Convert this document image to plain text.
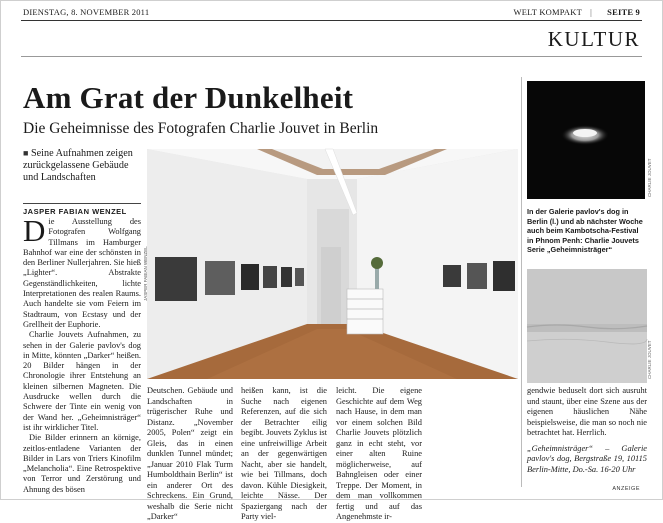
DIENSTAG, 8. NOVEMBER 2011	WELT KOMPAKT | SEITE 9
KULTUR
Am Grat der Dunkelheit
Die Geheimnisse des Fotografen Charlie Jouvet in Berlin
■ Seine Aufnahmen zeigen zurückgelassene Gebäude und Landschaften
JASPER FABIAN WENZEL

Die Ausstellung des Fotografen Wolfgang Tillmans im Hamburger Bahnhof war eine der schönsten in den Berliner Nullerjahren. Sie hieß „Lighter“. Abstrakte Gegenständlichkeiten, lichte Interpretationen des realen Raums. Auch handelte sie vom Feiern im Stadtraum, von Ecstasy und der Grellheit der Euphorie.

Charlie Jouvets Aufnahmen, zu sehen in der Galerie pavlov's dog in Mitte, könnten „Darker“ heißen. 20 Bilder hängen in der Chronologie ihrer Entstehung an kleinen silbernen Magneten. Die Ausdrucke wellen durch die Schwere der Tinte ein wenig von der Wand her. „Geheimnisträger“ ist ihr wirklicher Titel.

Die Bilder erinnern an körnige, zeitlos-entladene Varianten der Bilder in Lars von Triers Kinofilm „Melancholia“. Eine Retrospektive von Terror und Zerstörung und Ahnung des bösen

JASPER FABIAN WENZEL
Deutschen. Gebäude und Landschaften in trügerischer Ruhe und Distanz. „November 2005, Polen“ zeigt ein Gleis, das in einen dunklen Tunnel mündet; „Januar 2010 Flak Turm Humboldthain Berlin“ ist ein anderer Ort des Schreckens. Ein Grund, weshalb die Serie nicht „Darker“
heißen kann, ist die Suche nach eigenen Referenzen, auf die sich der Betrachter eilig begibt. Jouvets Zyklus ist eine unfreiwillige Arbeit an der gegenwärtigen Nacht, aber sie handelt, wie bei Tillmans, doch davon. Kühle Diesigkeit, leichte Nässe. Der Spaziergang nach der Party viel-
leicht. Die eigene Geschichte auf dem Weg nach Hause, in dem man vor einem solchen Bild Charlie Jouvets plötzlich ganz in echt steht, vor einer alten Ruine möglicherweise, auf Bahngleisen oder einer Treppe. Der Moment, in dem man vollkommen fertig und auf das Angenehmste ir-
CHARLIE JOUVET
In der Galerie pavlov's dog in Berlin (l.) und ab nächster Woche auch beim Kambotscha-Festival in Phnom Penh: Charlie Jouvets Serie „Geheimnisträger“
CHARLIE JOUVET
gendwie beduselt dort sich ausruht und staunt, über eine Szene aus der eigenen häuslichen Nähe beispielsweise, die man so noch nie betrachtet hat. Herrlich.
„Geheimnisträger“ – Galerie pavlov's dog, Bergstraße 19, 10115 Berlin-Mitte, Do.-Sa. 16-20 Uhr
ANZEIGE
